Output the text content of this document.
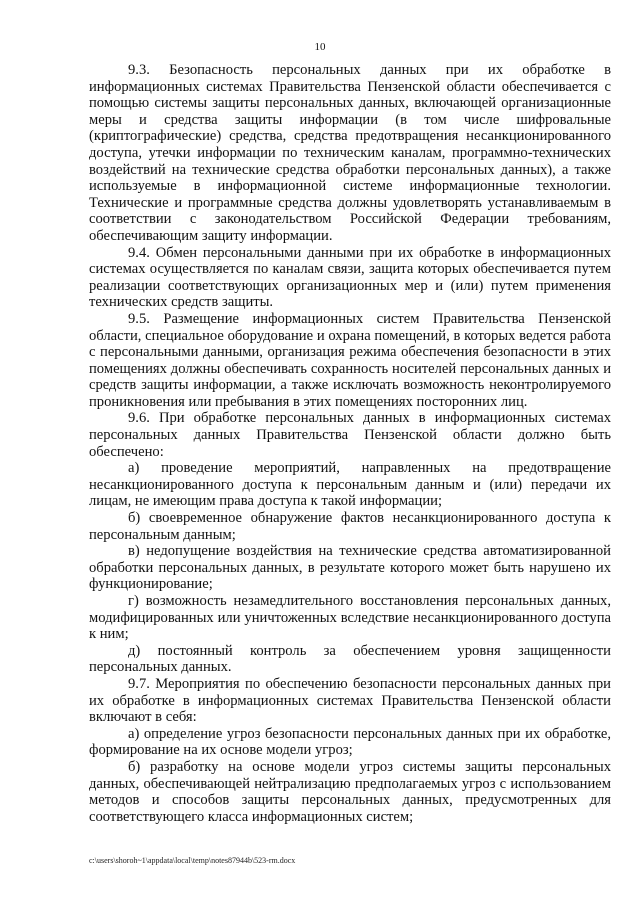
10

9.3. Безопасность персональных данных при их обработке в информационных системах Правительства Пензенской области обеспечивается с помощью системы защиты персональных данных, включающей организационные меры и средства защиты информации (в том числе шифровальные (криптографические) средства, средства предотвращения несанкционированного доступа, утечки информации по техническим каналам, программно-технических воздействий на технические средства обработки персональных данных), а также используемые в информационной системе информационные технологии. Технические и программные средства должны удовлетворять устанавливаемым в соответствии с законодательством Российской Федерации требованиям, обеспечивающим защиту информации.

9.4. Обмен персональными данными при их обработке в информационных системах осуществляется по каналам связи, защита которых обеспечивается путем реализации соответствующих организационных мер и (или) путем применения технических средств защиты.

9.5. Размещение информационных систем Правительства Пензенской области, специальное оборудование и охрана помещений, в которых ведется работа с персональными данными, организация режима обеспечения безопасности в этих помещениях должны обеспечивать сохранность носителей персональных данных и средств защиты информации, а также исключать возможность неконтролируемого проникновения или пребывания в этих помещениях посторонних лиц.

9.6. При обработке персональных данных в информационных системах персональных данных Правительства Пензенской области должно быть обеспечено:

а) проведение мероприятий, направленных на предотвращение несанкционированного доступа к персональным данным и (или) передачи их лицам, не имеющим права доступа к такой информации;

б) своевременное обнаружение фактов несанкционированного доступа к персональным данным;

в) недопущение воздействия на технические средства автоматизированной обработки персональных данных, в результате которого может быть нарушено их функционирование;

г) возможность незамедлительного восстановления персональных данных, модифицированных или уничтоженных вследствие несанкционированного доступа к ним;

д) постоянный контроль за обеспечением уровня защищенности персональных данных.

9.7. Мероприятия по обеспечению безопасности персональных данных при их обработке в информационных системах Правительства Пензенской области включают в себя:

а) определение угроз безопасности персональных данных при их обработке, формирование на их основе модели угроз;

б) разработку на основе модели угроз системы защиты персональных данных, обеспечивающей нейтрализацию предполагаемых угроз с использованием методов и способов защиты персональных данных, предусмотренных для соответствующего класса информационных систем;

c:\users\shoroh~1\appdata\local\temp\notes87944b\523-rm.docx
